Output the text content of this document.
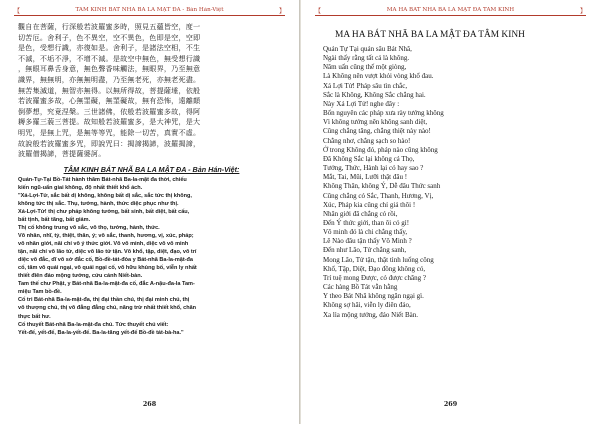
【	TÂM KINH BÁT NHÃ BA LA MẬT ĐA - Bản Hán-Việt	】
觀自在菩薩，行深般若波羅蜜多時，照見五蘊皆空，度一
切苦厄。舍利子，色不異空，空不異色，色即是空，空即
是色，受想行識，亦復如是。舍利子，是諸法空相，不生
不滅，不垢不淨，不增不減。是故空中無色，無受想行識
，無眼耳鼻舌身意，無色聲香味觸法，無眼界，乃至無意
識界，無無明，亦無無明盡，乃至無老死，亦無老死盡。
無苦集滅道，無智亦無得。以無所得故，菩提薩埵，依般
若波羅蜜多故，心無罣礙，無罣礙故，無有恐怖，遠離顛
倒夢想，究竟涅槃。三世諸佛，依般若波羅蜜多故，得阿
耨多羅三藐三菩提。故知般若波羅蜜多，是大神咒，是大
明咒，是無上咒，是無等等咒，能除一切苦，真實不虛。
故說般若波羅蜜多咒，即說咒曰：揭諦揭諦，波羅揭諦，
波羅僧揭諦，菩提薩婆訶。
TÂM KINH BÁT NHÃ BA LA MẬT ĐA - Bản Hán-Việt:
Quán-Tự-Tại Bồ-Tát hành thâm Bát-nhã Ba-la-mật đa thời, chiếu
kiến ngũ-uẩn giai không, độ nhất thiết khổ ách.
"Xá-Lợi-Tử, sắc bất dị không, không bất dị sắc, sắc tức thị không,
không tức thị sắc. Thụ, tưởng, hành, thức diệc phục như thị.
Xá-Lợi-Tử! thị chư pháp không tướng, bất sinh, bất diệt, bất cấu,
bất tịnh, bất tăng, bất giảm.
Thị cố không trung vô sắc, vô thọ, tưởng, hành, thức.
Vô nhãn, nhĩ, tỷ, thiệt, thân, ý; vô sắc, thanh, hương, vị, xúc, pháp;
vô nhãn giới, nãi chí vô ý thức giới. Vô vô minh, diệc vô vô minh
tận, nãi chí vô lão tử, diệc vô lão tử tận. Vô khổ, tập, diệt, đạo, vô trí
diệc vô đắc, dĩ vô sở đắc cố, Bồ-đề-tát-đỏa y Bát-nhã Ba-la-mật-đa
cố, tâm vô quái ngại, vô quái ngại cố, vô hữu khủng bố, viễn ly nhất
thiết điên đảo mộng tưởng, cứu cánh Niết-bàn.
Tam thế chư Phật, y Bát-nhã Ba-la-mật-đa cố, đắc A-nậu-đa-la Tam-
miệu Tam bồ-đề.
Cố tri Bát-nhã Ba-la-mật-đa, thị đại thần chú, thị đại minh chú, thị
vô thượng chú, thị vô đẳng đẳng chú, năng trừ nhất thiết khổ, chân
thực bất hư.
Cố thuyết Bát-nhã Ba-la-mật-đa chú. Tức thuyết chú viết:
Yết-đế, yết-đế, Ba-la-yết-đế. Ba-la-tăng yết-đế Bồ-đề tát-bà-ha."
268
【	MA HA BÁT NHÃ BA LA MẬT ĐA TÂM KINH	】
MA HA BÁT NHÃ BA LA MẬT ĐA TÂM KINH
Quán Tự Tại quán sâu Bát Nhã,
Ngài thấy rằng tất cả là không.
Năm uẩn cũng thế một giòng,
Là Không nên vượt khỏi vòng khổ đau.
Xá Lợi Tử! Pháp sâu tìn chắc,
Sắc là Không, Không Sắc chẳng hai.
Này Xá Lợi Tử! nghe đây :
Bổn nguyên các pháp xưa rày tướng không
Vì không tướng nên không sanh diệt,
Cũng chẳng tăng, chẳng thiệt này nào!
Chẳng nhơ, chẳng sạch so hào!
Ở trong Không đó, pháp nào cũng không
Đã Không Sắc lại không cả Thọ,
Tưởng, Thức, Hành lại có hay sao ?
Mắt, Tai, Mũi, Lưỡi thật đâu !
Không Thân, không Ý, Dễ đâu Thức sanh
Cũng chẳng có Sắc, Thanh, Hương, Vị,
Xúc, Pháp kia cũng chỉ giả thôi !
Nhãn giới đã chẳng có rồi,
Đến Ý thức giới, than ôi có gì!
Vô minh đó là chi chẳng thấy,
Lẽ Nào đâu tận thấy Vô Minh ?
Đến như Lão, Tử chẳng sanh,
Mong Lão, Tử tận, thật tình luống công
Khổ, Tập, Diệt, Đạo đồng không có,
Trí tuệ mong Được, có được chăng ?
Các hàng Bồ Tát vẫn hằng
Y theo Bát Nhã không ngăn ngại gì.
Không sợ hãi, viễn ly điên đảo,
Xa lìa mộng tưởng, đáo Niết Bàn.
269
